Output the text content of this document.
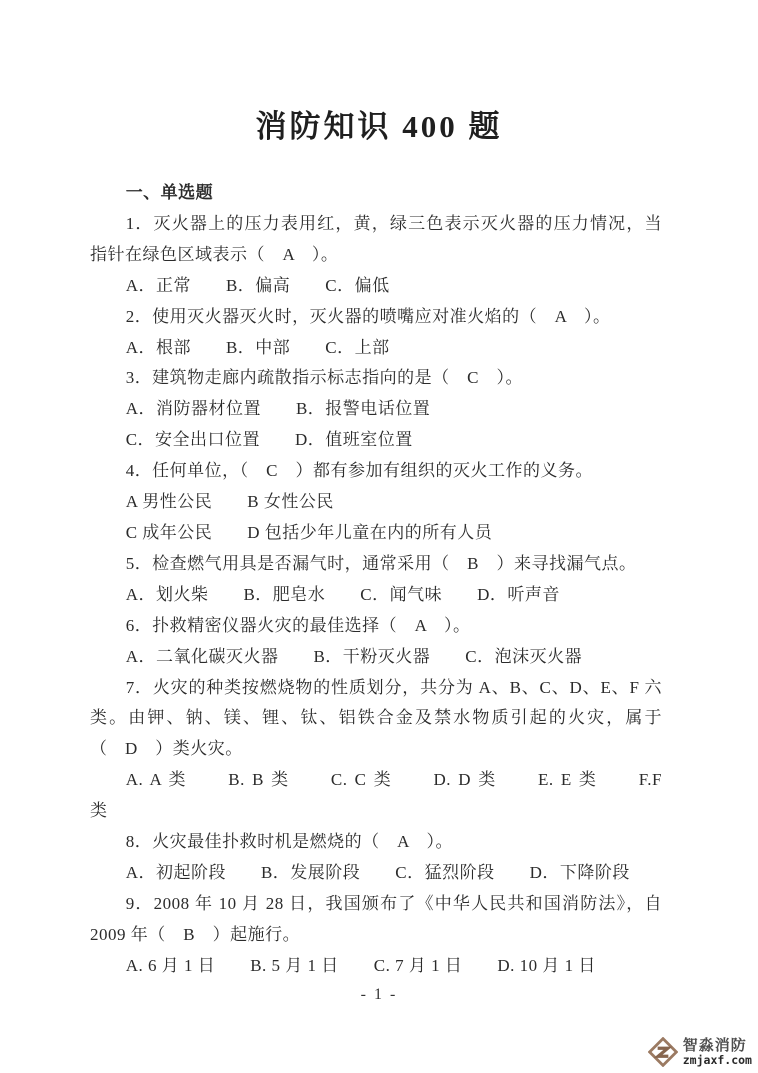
消防知识 400 题
一、单选题
1．灭火器上的压力表用红，黄，绿三色表示灭火器的压力情况，当
指针在绿色区域表示（　A　）。
A．正常　　B．偏高　　C．偏低
2．使用灭火器灭火时，灭火器的喷嘴应对准火焰的（　A　）。
A．根部　　B．中部　　C．上部
3．建筑物走廊内疏散指示标志指向的是（　C　）。
A．消防器材位置　　B．报警电话位置
C．安全出口位置　　D．值班室位置
4．任何单位，（　C　）都有参加有组织的灭火工作的义务。
A 男性公民　　B 女性公民
C 成年公民　　D 包括少年儿童在内的所有人员
5．检查燃气用具是否漏气时，通常采用（　B　）来寻找漏气点。
A．划火柴　　B．肥皂水　　C．闻气味　　D．听声音
6．扑救精密仪器火灾的最佳选择（　A　）。
A．二氧化碳灭火器　　B．干粉灭火器　　C．泡沫灭火器
7．火灾的种类按燃烧物的性质划分，共分为 A、B、C、D、E、F 六
类。由钾、钠、镁、锂、钛、铝铁合金及禁水物质引起的火灾，属于
（　D　）类火灾。
A. A 类　　B. B 类　　C. C 类　　D. D 类　　E. E 类　　F.F
类
8．火灾最佳扑救时机是燃烧的（　A　）。
A．初起阶段　　B．发展阶段　　C．猛烈阶段　　D．下降阶段
9．2008 年 10 月 28 日，我国颁布了《中华人民共和国消防法》，自
2009 年（　B　）起施行。
A. 6 月 1 日　　B. 5 月 1 日　　C. 7 月 1 日　　D. 10 月 1 日
- 1 -
智淼消防
zmjaxf.com
